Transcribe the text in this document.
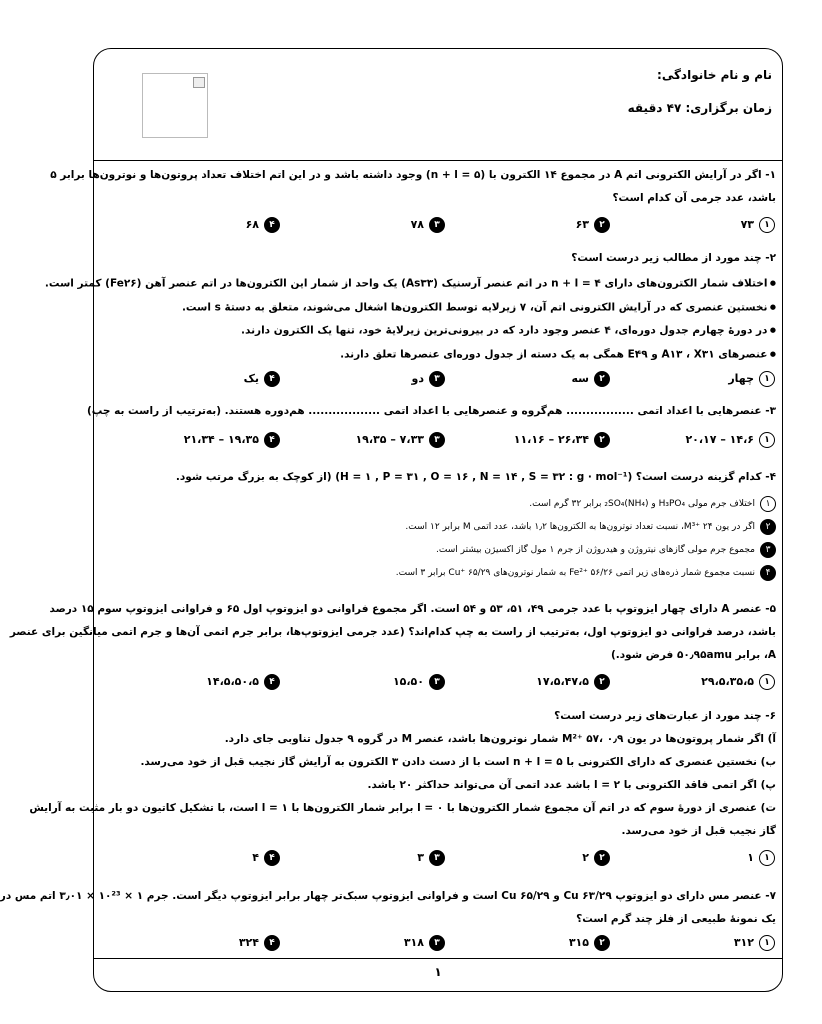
نام و نام خانوادگی:
زمان برگزاری: ۴۷ دقیقه
۱- اگر در آرایش الکترونی اتم A در مجموع ۱۴ الکترون با (n + l = ۵) وجود داشته باشد و در این اتم اختلاف تعداد پروتون‌ها و نوترون‌ها برابر ۵
باشد، عدد جرمی آن کدام است؟
۱۷۳
۲۶۳
۳۷۸
۴۶۸
۲- چند مورد از مطالب زیر درست است؟
● اختلاف شمار الکترون‌های دارای n + l = ۴ در اتم عنصر آرسنیک (As۳۳) یک واحد از شمار این الکترون‌ها در اتم عنصر آهن (Fe۲۶) کمتر است.
● نخستین عنصری که در آرایش الکترونی اتم آن، ۷ زیرلایه توسط الکترون‌ها اشغال می‌شوند، متعلق به دستهٔ s است.
● در دورهٔ چهارم جدول دوره‌ای، ۴ عنصر وجود دارد که در بیرونی‌ترین زیرلایهٔ خود، تنها یک الکترون دارند.
● عنصرهای A۱۳ ، X۳۱ و E۴۹ همگی به یک دسته از جدول دوره‌ای عنصرها تعلق دارند.
۱چهار
۲سه
۳دو
۴یک
۳- عنصرهایی با اعداد اتمی ................. هم‌گروه و عنصرهایی با اعداد اتمی .................. هم‌دوره هستند. (به‌ترتیب از راست به چپ)
۱۱۴،۶ – ۲۰،۱۷
۲۲۶،۳۴ – ۱۱،۱۶
۳۷،۳۳ – ۱۹،۳۵
۴۱۹،۳۵ – ۲۱،۳۴
۴- کدام گزینه درست است؟ (H = ۱ , P = ۳۱ , O = ۱۶ , N = ۱۴ , S = ۳۲ : g · mol⁻¹) (از کوچک به بزرگ مرتب شود.
۱اختلاف جرم مولی H₃PO₄ و (NH₄)₂SO₄ برابر ۳۲ گرم است.
۲اگر در یون M³⁺ ۲۴، نسبت تعداد نوترون‌ها به الکترون‌ها ۱٫۲ باشد، عدد اتمی M برابر ۱۲ است.
۳مجموع جرم مولی گازهای نیتروژن و هیدروژن از جرم ۱ مول گاز اکسیژن بیشتر است.
۴نسبت مجموع شمار ذره‌های زیر اتمی Fe²⁺ ۵۶/۲۶ به شمار نوترون‌های Cu⁺ ۶۵/۲۹ برابر ۳ است.
۵- عنصر A دارای چهار ایزوتوپ با عدد جرمی ۴۹، ۵۱، ۵۳ و ۵۴ است. اگر مجموع فراوانی دو ایزوتوپ اول ۶۵ و فراوانی ایزوتوپ سوم ۱۵ درصد
باشد، درصد فراوانی دو ایزوتوپ اول، به‌ترتیب از راست به چپ کدام‌اند؟ (عدد جرمی ایزوتوپ‌ها، برابر جرم اتمی آن‌ها و جرم اتمی میانگین برای عنصر
A، برابر ۵۰٫۹۵amu فرض شود.)
۱۲۹،۵،۳۵،۵
۲۱۷،۵،۴۷،۵
۳۱۵،۵۰
۴۱۴،۵،۵۰،۵
۶- چند مورد از عبارت‌های زیر درست است؟
آ) اگر شمار پروتون‌ها در یون M²⁺ ۵۷، ۰٫۹ شمار نوترون‌ها باشد، عنصر M در گروه ۹ جدول تناوبی جای دارد.
ب) نخستین عنصری که دارای الکترونی با n + l = ۵ است با از دست دادن ۳ الکترون به آرایش گاز نجیب قبل از خود می‌رسد.
پ) اگر اتمی فاقد الکترونی با l = ۲ باشد عدد اتمی آن می‌تواند حداکثر ۲۰ باشد.
ت) عنصری از دورهٔ سوم که در اتم آن مجموع شمار الکترون‌ها با l = ۰ برابر شمار الکترون‌ها با l = ۱ است، با تشکیل کاتیون دو بار مثبت به آرایش
گاز نجیب قبل از خود می‌رسد.
۱۱
۲۲
۳۳
۴۴
۷- عنصر مس دارای دو ایزوتوپ Cu ۶۳/۲۹ و Cu ۶۵/۲۹ است و فراوانی ایزوتوپ سبک‌تر چهار برابر ایزوتوپ دیگر است. جرم ۱ × ۱۰²³ × ۳٫۰۱ اتم مس در
یک نمونهٔ طبیعی از فلز چند گرم است؟
۱۳۱۲
۲۳۱۵
۳۳۱۸
۴۳۲۴
۱
